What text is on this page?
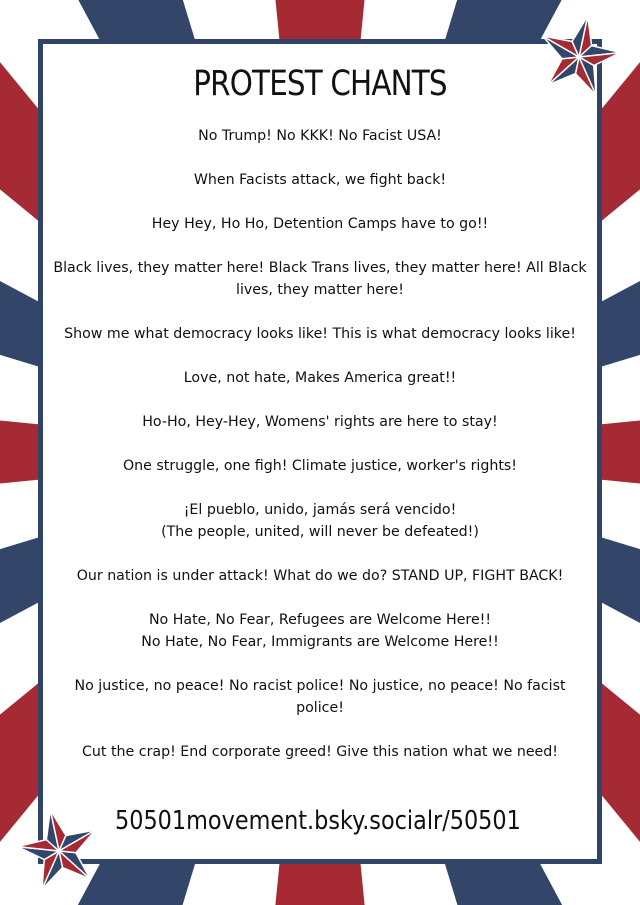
PROTEST CHANTS
No Trump! No KKK! No Facist USA!
When Facists attack, we fight back!
Hey Hey, Ho Ho, Detention Camps have to go!!
Black lives, they matter here! Black Trans lives, they matter here! All Black lives, they matter here!
Show me what democracy looks like! This is what democracy looks like!
Love, not hate, Makes America great!!
Ho-Ho, Hey-Hey, Womens' rights are here to stay!
One struggle, one figh! Climate justice, worker's rights!
¡El pueblo, unido, jamás será vencido!
(The people, united, will never be defeated!)
Our nation is under attack! What do we do? STAND UP, FIGHT BACK!
No Hate, No Fear, Refugees are Welcome Here!!
No Hate, No Fear, Immigrants are Welcome Here!!
No justice, no peace! No racist police! No justice, no peace! No facist police!
Cut the crap! End corporate greed! Give this nation what we need!
50501movement.bsky.social r/50501
